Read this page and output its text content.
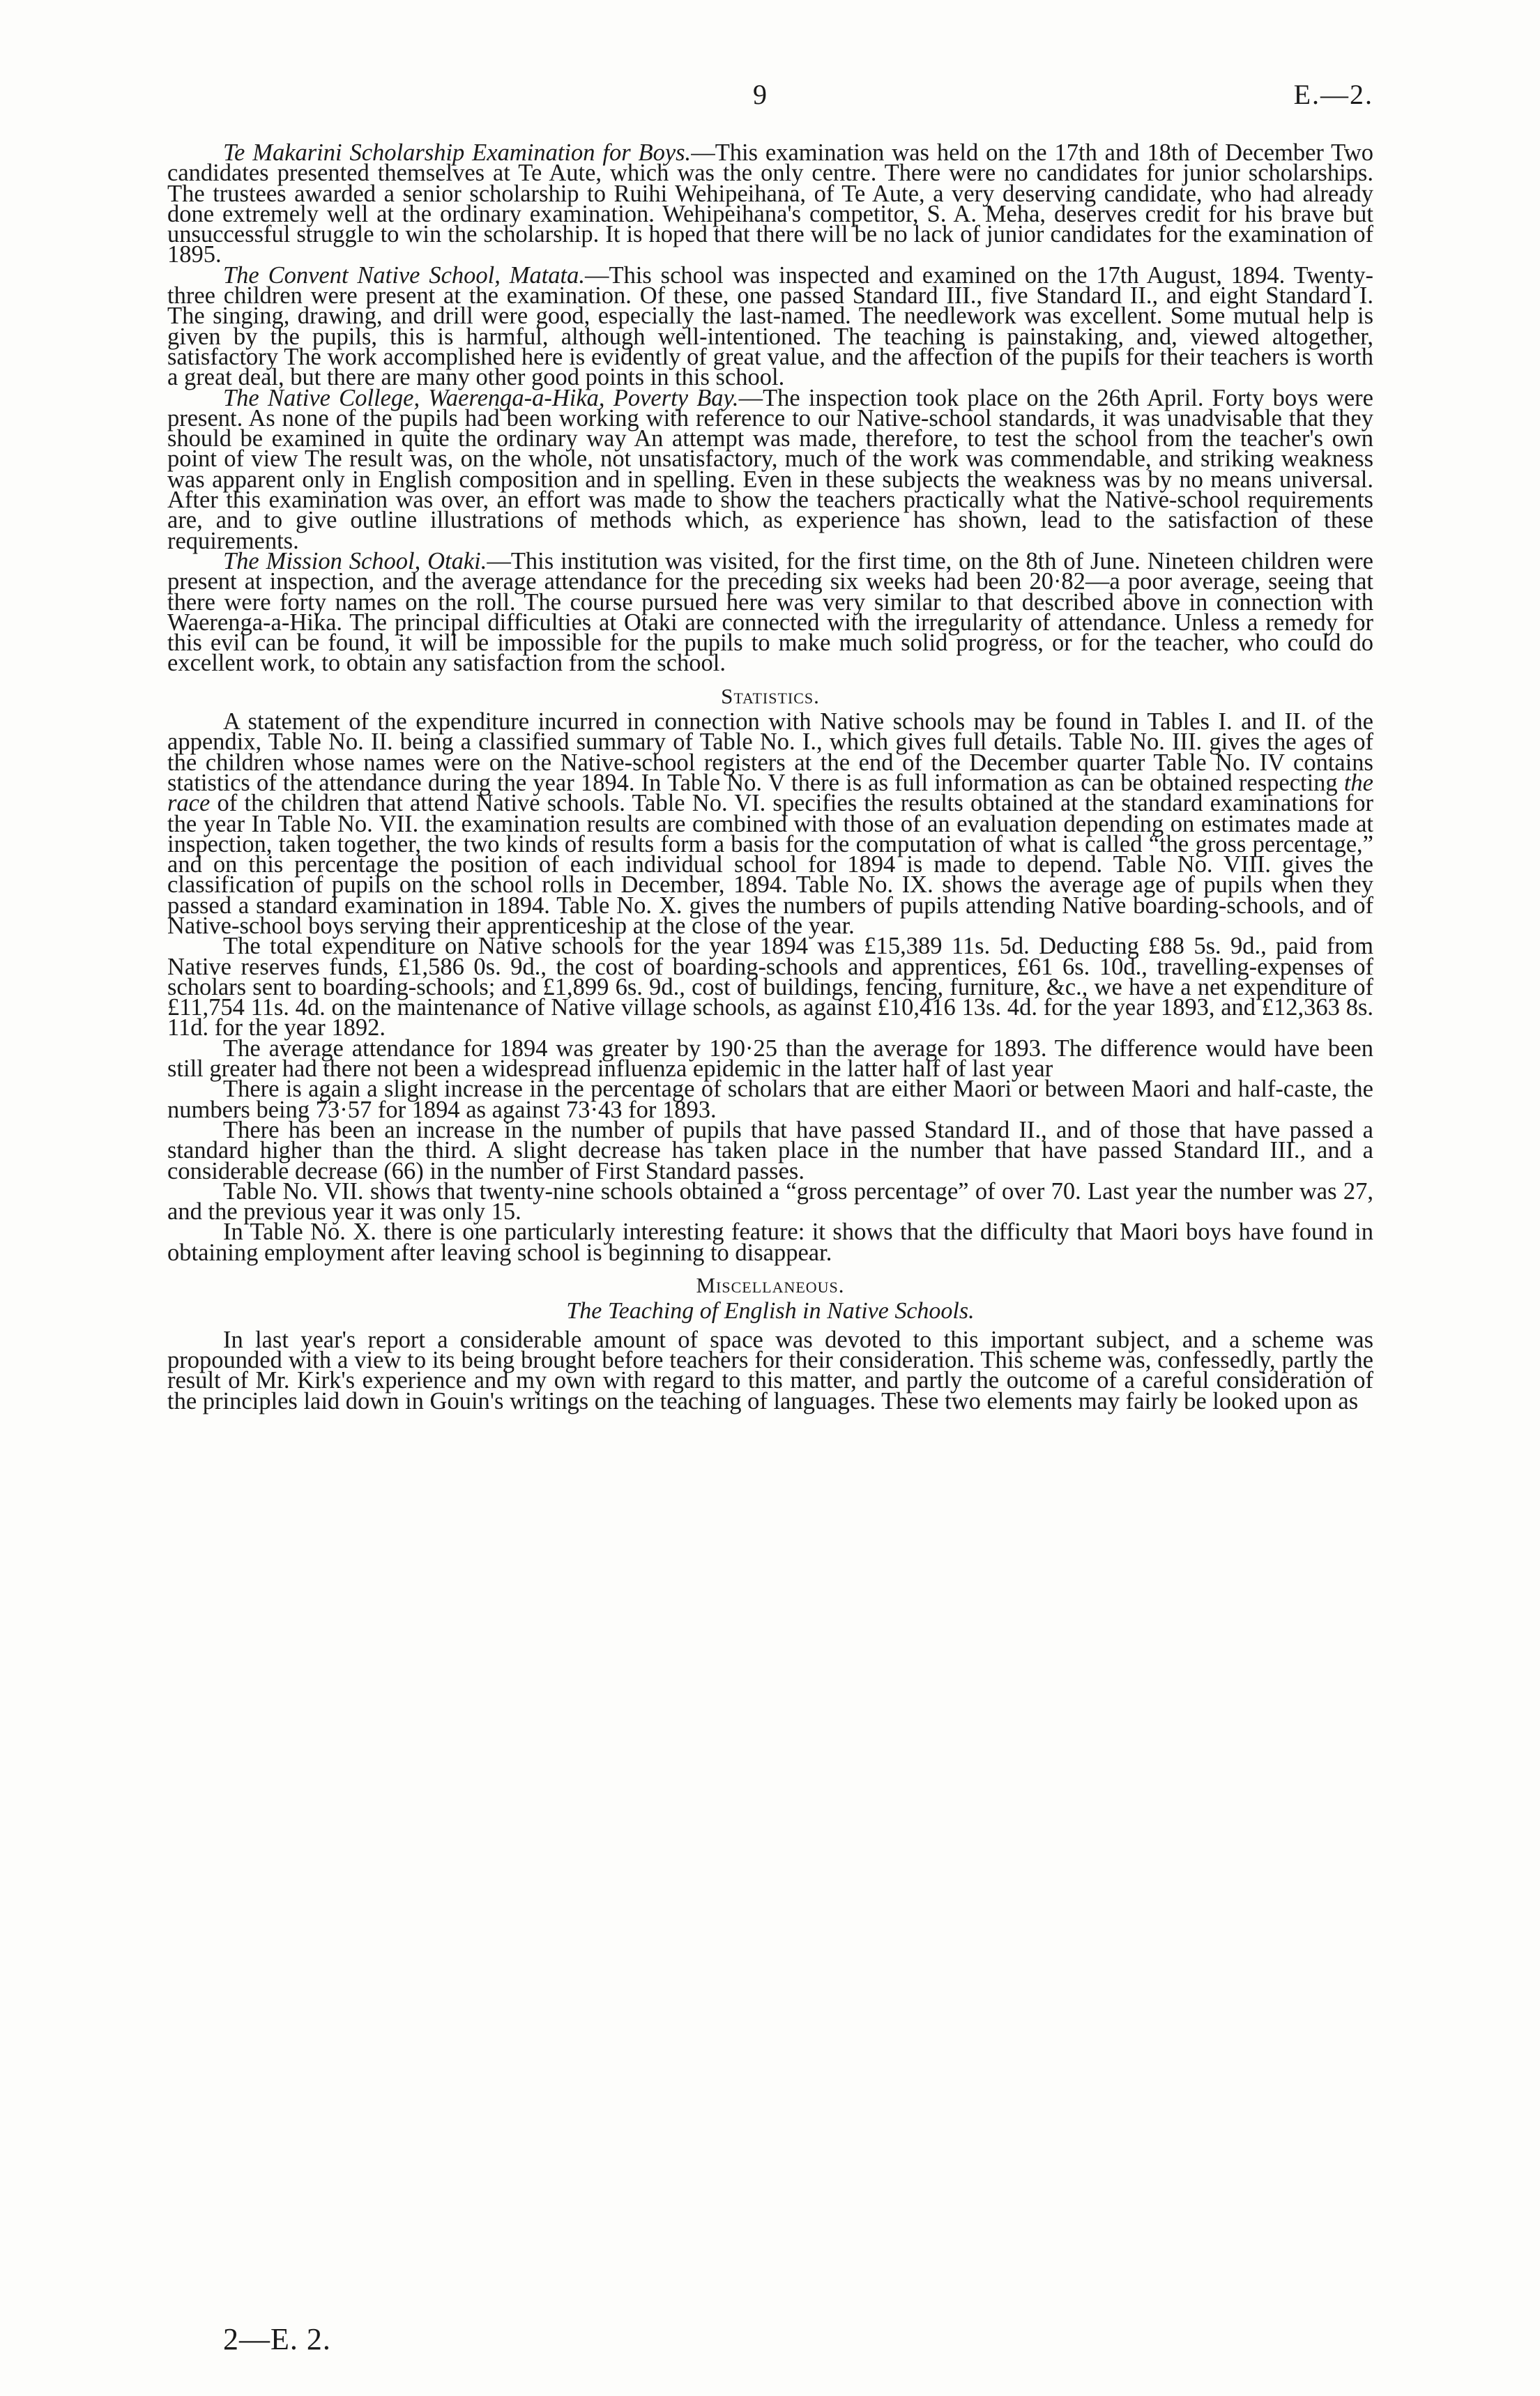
9	E.—2.

Te Makarini Scholarship Examination for Boys.—This examination was held on the 17th and 18th of December Two candidates presented themselves at Te Aute, which was the only centre. There were no candidates for junior scholarships. The trustees awarded a senior scholarship to Ruihi Wehipeihana, of Te Aute, a very deserving candidate, who had already done extremely well at the ordinary examination. Wehipeihana's competitor, S. A. Meha, deserves credit for his brave but unsuccessful struggle to win the scholarship. It is hoped that there will be no lack of junior candidates for the examination of 1895.

The Convent Native School, Matata.—This school was inspected and examined on the 17th August, 1894. Twenty-three children were present at the examination. Of these, one passed Standard III., five Standard II., and eight Standard I. The singing, drawing, and drill were good, especially the last-named. The needlework was excellent. Some mutual help is given by the pupils, this is harmful, although well-intentioned. The teaching is painstaking, and, viewed altogether, satisfactory The work accomplished here is evidently of great value, and the affection of the pupils for their teachers is worth a great deal, but there are many other good points in this school.

The Native College, Waerenga-a-Hika, Poverty Bay.—The inspection took place on the 26th April. Forty boys were present. As none of the pupils had been working with reference to our Native-school standards, it was unadvisable that they should be examined in quite the ordinary way An attempt was made, therefore, to test the school from the teacher's own point of view The result was, on the whole, not unsatisfactory, much of the work was commendable, and striking weakness was apparent only in English composition and in spelling. Even in these subjects the weakness was by no means universal. After this examination was over, an effort was made to show the teachers practically what the Native-school requirements are, and to give outline illustrations of methods which, as experience has shown, lead to the satisfaction of these requirements.

The Mission School, Otaki.—This institution was visited, for the first time, on the 8th of June. Nineteen children were present at inspection, and the average attendance for the preceding six weeks had been 20·82—a poor average, seeing that there were forty names on the roll. The course pursued here was very similar to that described above in connection with Waerenga-a-Hika. The principal difficulties at Otaki are connected with the irregularity of attendance. Unless a remedy for this evil can be found, it will be impossible for the pupils to make much solid progress, or for the teacher, who could do excellent work, to obtain any satisfaction from the school.

Statistics.

A statement of the expenditure incurred in connection with Native schools may be found in Tables I. and II. of the appendix, Table No. II. being a classified summary of Table No. I., which gives full details. Table No. III. gives the ages of the children whose names were on the Native-school registers at the end of the December quarter Table No. IV contains statistics of the attendance during the year 1894. In Table No. V there is as full information as can be obtained respecting the race of the children that attend Native schools. Table No. VI. specifies the results obtained at the standard examinations for the year In Table No. VII. the examination results are combined with those of an evaluation depending on estimates made at inspection, taken together, the two kinds of results form a basis for the computation of what is called “the gross percentage,” and on this percentage the position of each individual school for 1894 is made to depend. Table No. VIII. gives the classification of pupils on the school rolls in December, 1894. Table No. IX. shows the average age of pupils when they passed a standard examination in 1894. Table No. X. gives the numbers of pupils attending Native boarding-schools, and of Native-school boys serving their apprenticeship at the close of the year.

The total expenditure on Native schools for the year 1894 was £15,389 11s. 5d. Deducting £88 5s. 9d., paid from Native reserves funds, £1,586 0s. 9d., the cost of boarding-schools and apprentices, £61 6s. 10d., travelling-expenses of scholars sent to boarding-schools; and £1,899 6s. 9d., cost of buildings, fencing, furniture, &c., we have a net expenditure of £11,754 11s. 4d. on the maintenance of Native village schools, as against £10,416 13s. 4d. for the year 1893, and £12,363 8s. 11d. for the year 1892.

The average attendance for 1894 was greater by 190·25 than the average for 1893. The difference would have been still greater had there not been a widespread influenza epidemic in the latter half of last year

There is again a slight increase in the percentage of scholars that are either Maori or between Maori and half-caste, the numbers being 73·57 for 1894 as against 73·43 for 1893.

There has been an increase in the number of pupils that have passed Standard II., and of those that have passed a standard higher than the third. A slight decrease has taken place in the number that have passed Standard III., and a considerable decrease (66) in the number of First Standard passes.

Table No. VII. shows that twenty-nine schools obtained a “gross percentage” of over 70. Last year the number was 27, and the previous year it was only 15.

In Table No. X. there is one particularly interesting feature: it shows that the difficulty that Maori boys have found in obtaining employment after leaving school is beginning to disappear.

Miscellaneous.
The Teaching of English in Native Schools.

In last year's report a considerable amount of space was devoted to this important subject, and a scheme was propounded with a view to its being brought before teachers for their consideration. This scheme was, confessedly, partly the result of Mr. Kirk's experience and my own with regard to this matter, and partly the outcome of a careful consideration of the principles laid down in Gouin's writings on the teaching of languages. These two elements may fairly be looked upon as

2—E. 2.
